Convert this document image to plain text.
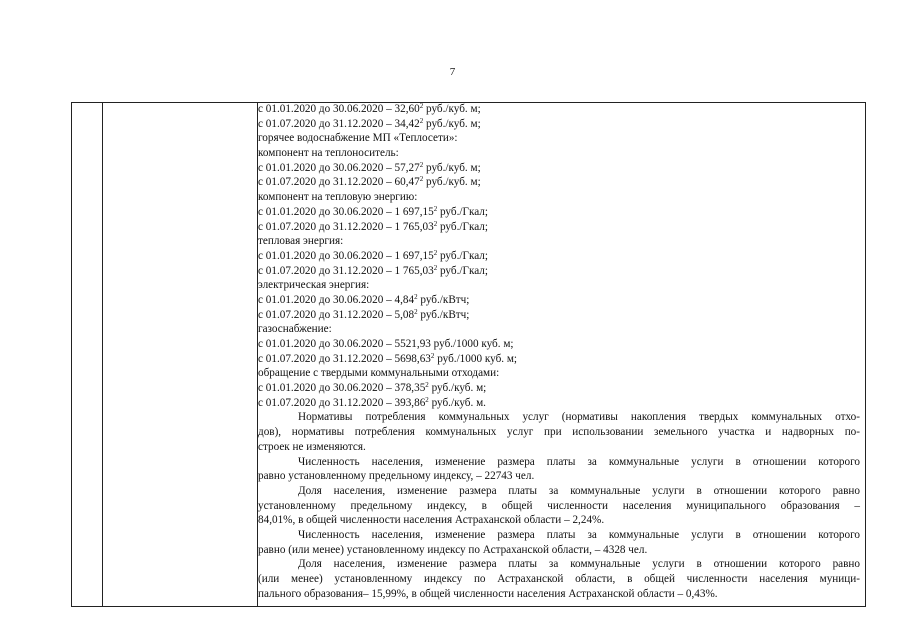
7
с 01.01.2020 до 30.06.2020 – 32,60$^2$ руб./куб. м;
с 01.07.2020 до 31.12.2020 – 34,42$^2$ руб./куб. м;
горячее водоснабжение МП «Теплосети»:
компонент на теплоноситель:
с 01.01.2020 до 30.06.2020 – 57,27$^2$ руб./куб. м;
с 01.07.2020 до 31.12.2020 – 60,47$^2$ руб./куб. м;
компонент на тепловую энергию:
с 01.01.2020 до 30.06.2020 – 1 697,15$^2$ руб./Гкал;
с 01.07.2020 до 31.12.2020 – 1 765,03$^2$ руб./Гкал;
тепловая энергия:
с 01.01.2020 до 30.06.2020 – 1 697,15$^2$ руб./Гкал;
с 01.07.2020 до 31.12.2020 – 1 765,03$^2$ руб./Гкал;
электрическая энергия:
с 01.01.2020 до 30.06.2020 – 4,84$^2$ руб./кВтч;
с 01.07.2020 до 31.12.2020 – 5,08$^2$ руб./кВтч;
газоснабжение:
с 01.01.2020 до 30.06.2020 – 5521,93 руб./1000 куб. м;
с 01.07.2020 до 31.12.2020 – 5698,63$^2$ руб./1000 куб. м;
обращение с твердыми коммунальными отходами:
с 01.01.2020 до 30.06.2020 – 378,35$^2$ руб./куб. м;
с 01.07.2020 до 31.12.2020 – 393,86$^2$ руб./куб. м.
Нормативы потребления коммунальных услуг (нормативы накопления твердых коммунальных отхо-
дов), нормативы потребления коммунальных услуг при использовании земельного участка и надворных по-
строек не изменяются.
Численность населения, изменение размера платы за коммунальные услуги в отношении которого
равно установленному предельному индексу, – 22743 чел.
Доля населения, изменение размера платы за коммунальные услуги в отношении которого равно
установленному предельному индексу, в общей численности населения муниципального образования –
84,01%, в общей численности населения Астраханской области – 2,24%.
Численность населения, изменение размера платы за коммунальные услуги в отношении которого
равно (или менее) установленному индексу по Астраханской области, – 4328 чел.
Доля населения, изменение размера платы за коммунальные услуги в отношении которого равно
(или менее) установленному индексу по Астраханской области, в общей численности населения муници-
пального образования– 15,99%, в общей численности населения Астраханской области – 0,43%.
